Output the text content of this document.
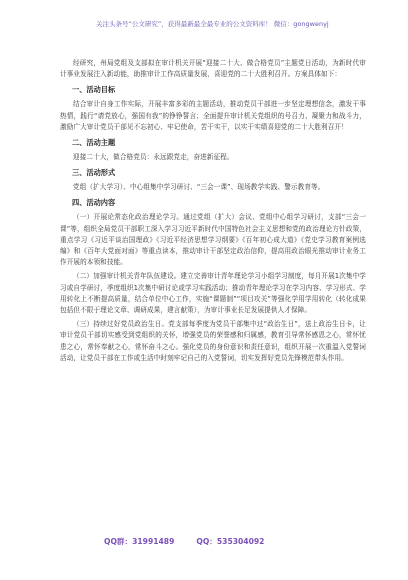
关注头条号“公文研究”，获得最新最全最专业的公文资料库！ 微信：gongwenyj

经研究，州局党组及支部拟在审计机关开展“迎接二十大、做合格党员”主题党日活动，为新时代审计事业发展注入新动能，助推审计工作高质量发展，喜迎党的二十大胜利召开。方案具体如下：

一、活动目标

结合审计自身工作实际，开展丰富多彩的主题活动，推动党员干部进一步坚定理想信念，激发干事热情，践行“请党放心，强国有我”的铮铮誓言；全面提升审计机关党组织的号召力、凝聚力和战斗力，激励广大审计党员干部见不忘初心、牢记使命，苦干实干，以实干实绩喜迎党的二十大胜利召开！

二、活动主题

迎接二十大，做合格党员：永远跟党走，奋进新征程。

三、活动形式

党组（扩大学习）、中心组集中学习研讨、“三会一课”、现场教学实践、警示教育等。

四、活动内容

（一）开展论常态化政治理论学习。通过党组（扩大）会议、党组中心组学习研讨，支部“三会一课”等，组织全局党员干部职工深入学习习近平新时代中国特色社会主义思想和党的政治理论方针政策，重点学习《习近平谈治国理政》《习近平经济思想学习纲要》《百年初心成大道》《党史学习教育案例选编》和《百年大党面对面》等重点读本，推动审计干部坚定政治信仰，提高用政治眼光推动审计业务工作开展的本领和技能。

（二）加强审计机关青年队伍建设。建立完善审计青年理论学习小组学习制度，每月开展1次集中学习或自学研讨，季度组织1次集中研讨论或学习实践活动；推动青年理论学习在学习内容、学习形式、学用转化上不断提高质量，结合单位中心工作，实施“课题制”“项目攻关”等强化学用学用转化（转化成果包括但不限于理论文章、调研成果，建言献策），为审计事业长足发展提供人才保障。

（三）持续过好党员政治生日。党支部每季度为党员干部集中过“政治生日”，送上政治生日卡，让审计党员干部切实感受到党组织的关怀，增强党员的荣誉感和归属感，教育引导常怀感恩之心，常怀忧患之心，常怀奉献之心，常怀奋斗之心。强化党员的身份意识和责任意识，组织开展一次重温入党誓词活动，让党员干部在工作或生活中时刻牢记自己的入党誓词，切实发挥好党员先锋模范带头作用。

QQ群：31991489	QQ：535304092
